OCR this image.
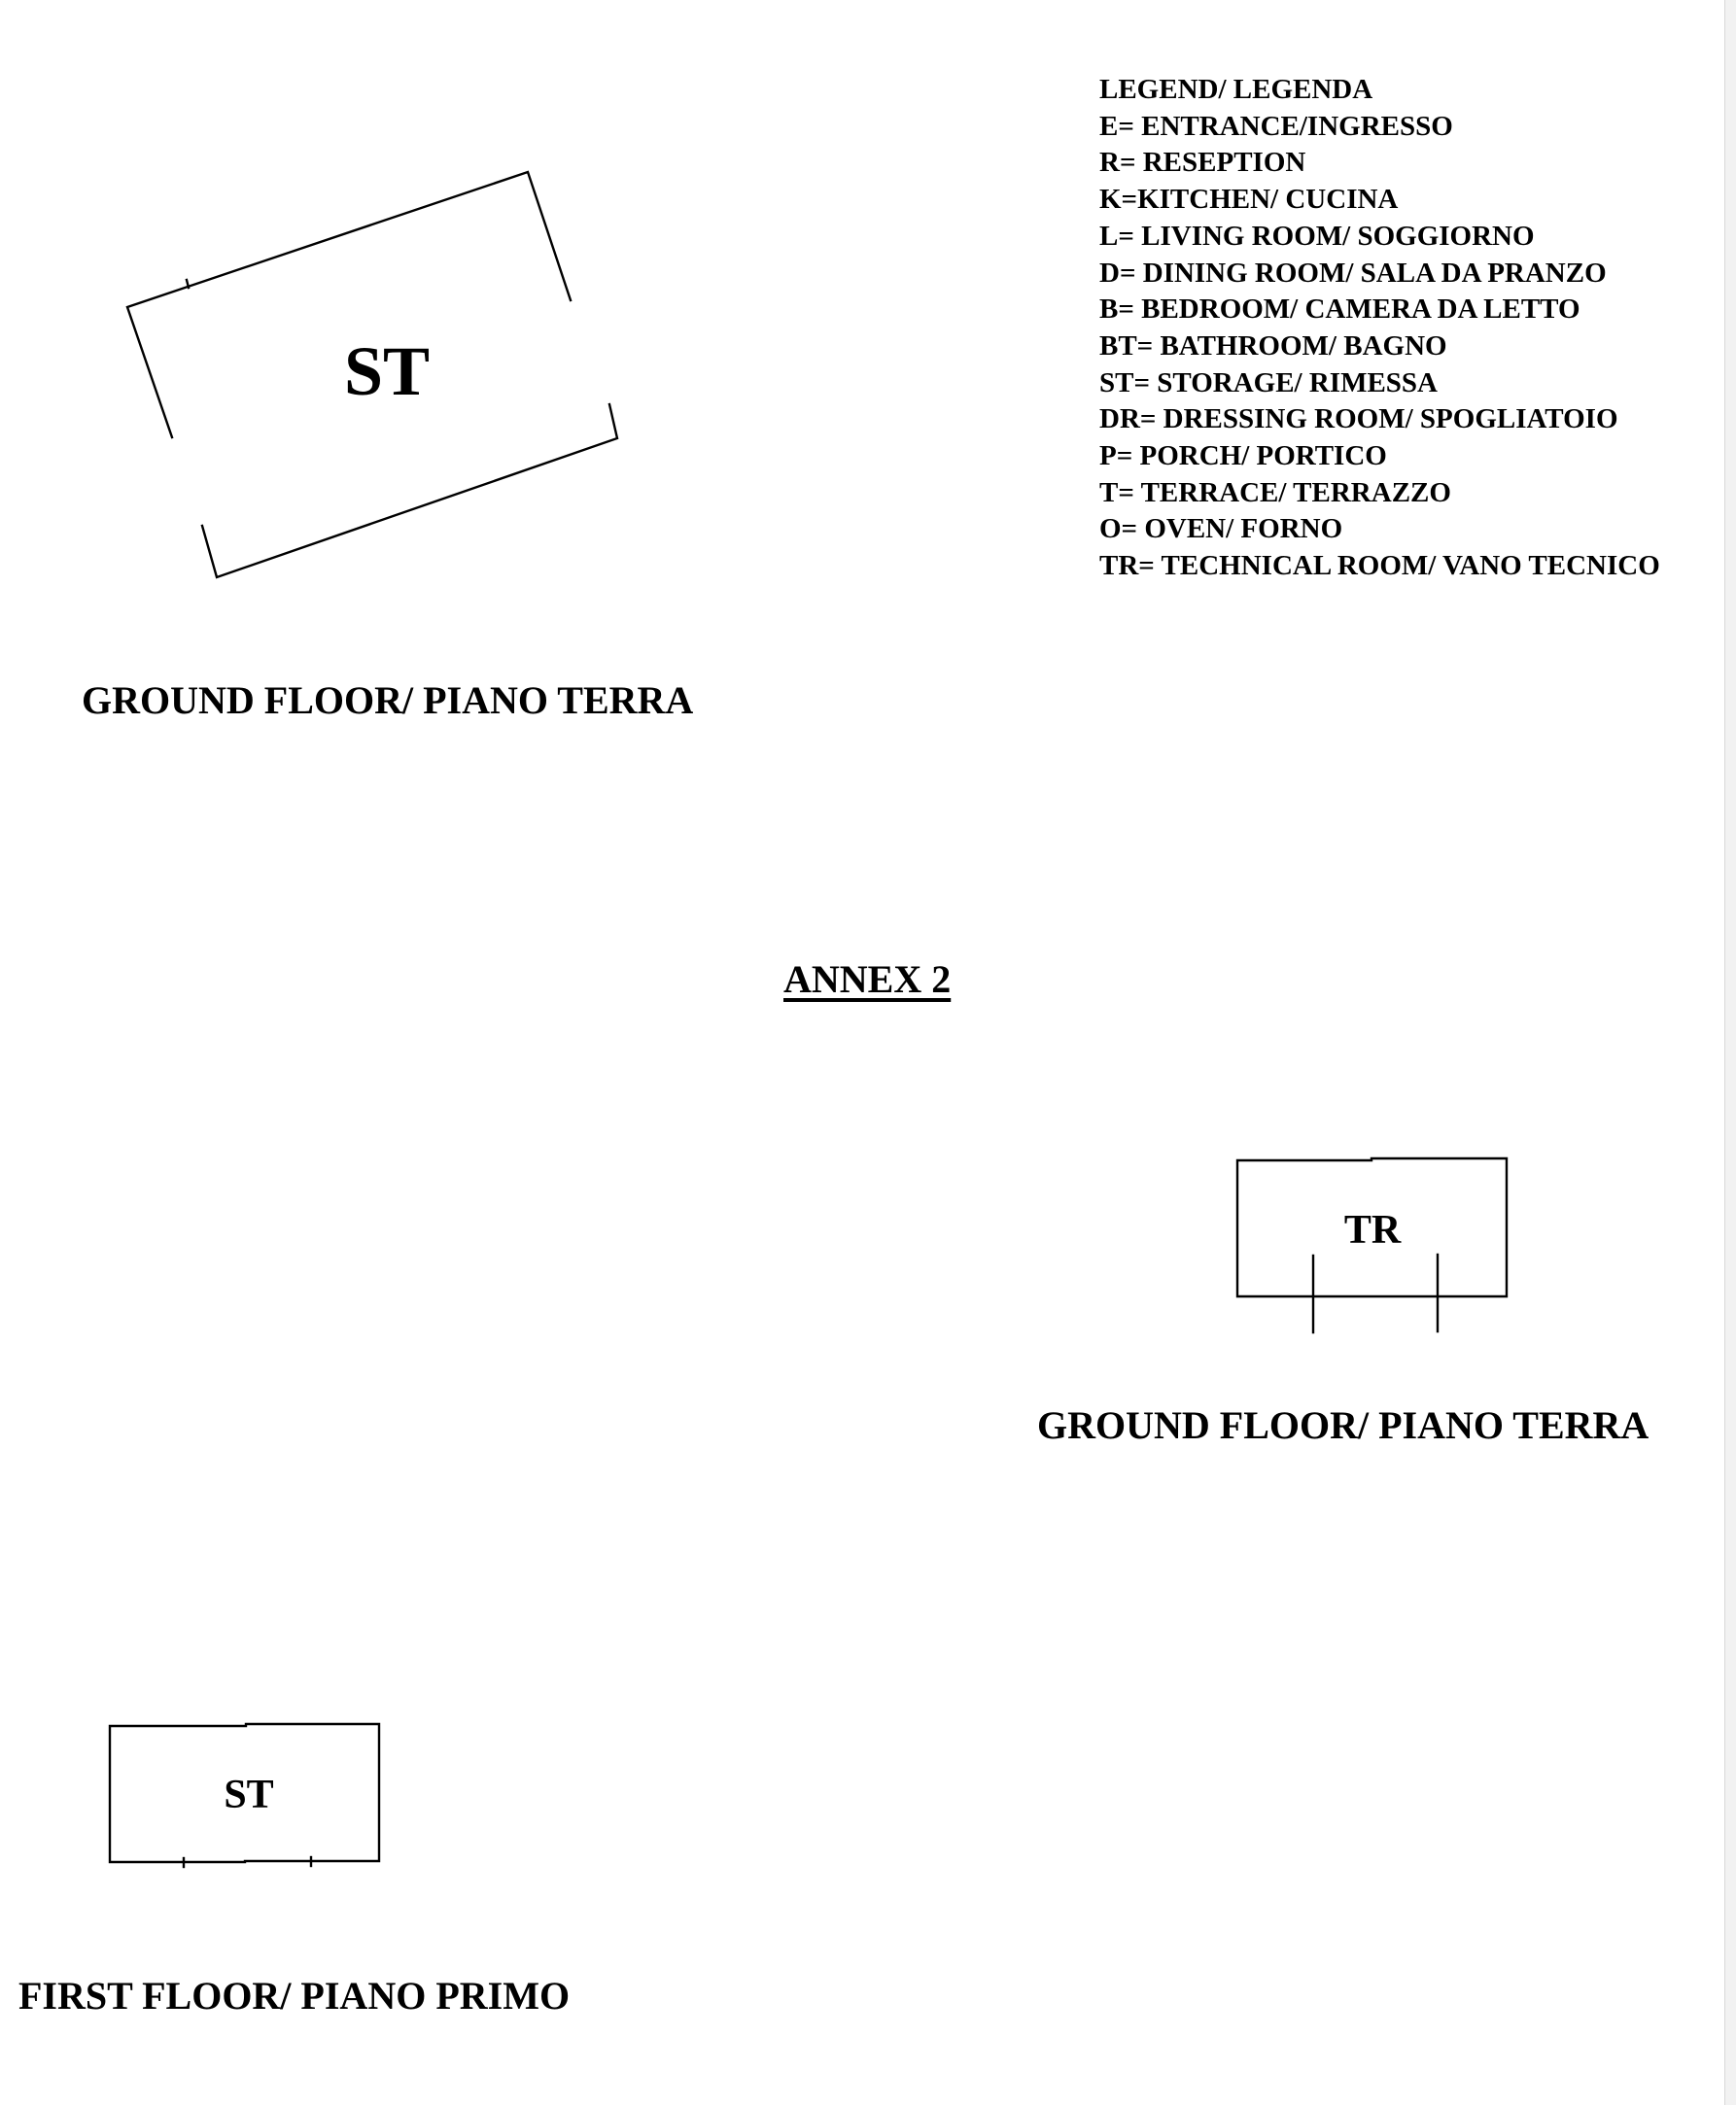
ST
TR
ST
LEGEND/ LEGENDA
E= ENTRANCE/INGRESSO
R= RESEPTION
K=KITCHEN/ CUCINA
L= LIVING ROOM/ SOGGIORNO
D= DINING ROOM/ SALA DA PRANZO
B= BEDROOM/ CAMERA DA LETTO
BT= BATHROOM/ BAGNO
ST= STORAGE/ RIMESSA
DR= DRESSING ROOM/ SPOGLIATOIO
P= PORCH/ PORTICO
T= TERRACE/ TERRAZZO
O= OVEN/ FORNO
TR= TECHNICAL ROOM/ VANO TECNICO
GROUND FLOOR/ PIANO TERRA
ANNEX 2
GROUND FLOOR/ PIANO TERRA
FIRST FLOOR/ PIANO PRIMO
